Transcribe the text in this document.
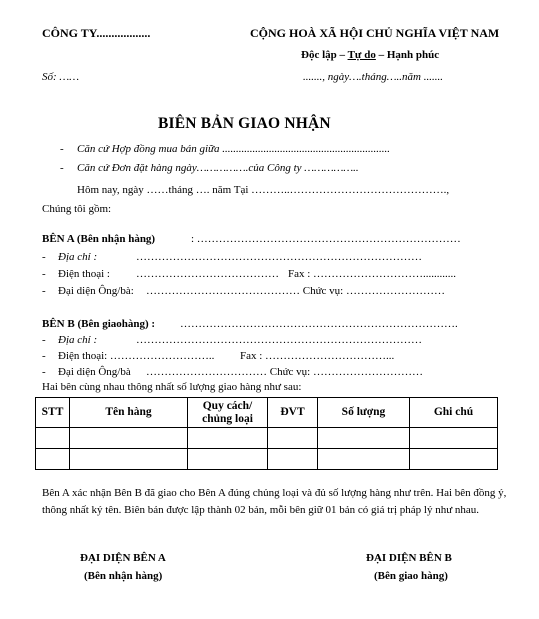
CÔNG TY..................	CỘNG HOÀ XÃ HỘI CHỦ NGHĨA VIỆT NAM
Độc lập – Tự do – Hạnh phúc
Số: ……	......., ngày….tháng…..năm .......
BIÊN BẢN GIAO NHẬN
- Căn cứ Hợp đồng mua bán giữa .............................................................
- Căn cứ Đơn đặt hàng ngày…………….của Công ty ……………..
Hôm nay, ngày ……tháng …. năm Tại ………..…………………………………….,
Chúng tôi gồm:
BÊN A (Bên nhận hàng)	: ………………………………………………………………
- Địa chỉ :	……………………………………………………………………
- Điện thoại : ………………………………… Fax : …………………………............
- Đại diện Ông/bà: …………………………………… Chức vụ: ………………………
BÊN B (Bên giaohàng) : ………………………………………………………………….
- Địa chỉ :	……………………………………………………………………
- Điện thoại: ……………………….. Fax : ……………………………...
- Đại diện Ông/bà …………………………… Chức vụ: …………………………
Hai bên cùng nhau thông nhất số lượng giao hàng như sau:
STT	Tên hàng	Quy cách/ chủng loại	ĐVT	Số lượng	Ghi chú

Bên A xác nhận Bên B đã giao cho Bên A đúng chủng loại và đủ số lượng hàng như trên. Hai bên đồng ý, thông nhất ký tên. Biên bản được lập thành 02 bản, mỗi bên giữ 01 bản có giá trị pháp lý như nhau.
ĐẠI DIỆN BÊN A
(Bên nhận hàng)
ĐẠI DIỆN BÊN B
(Bên giao hàng)
